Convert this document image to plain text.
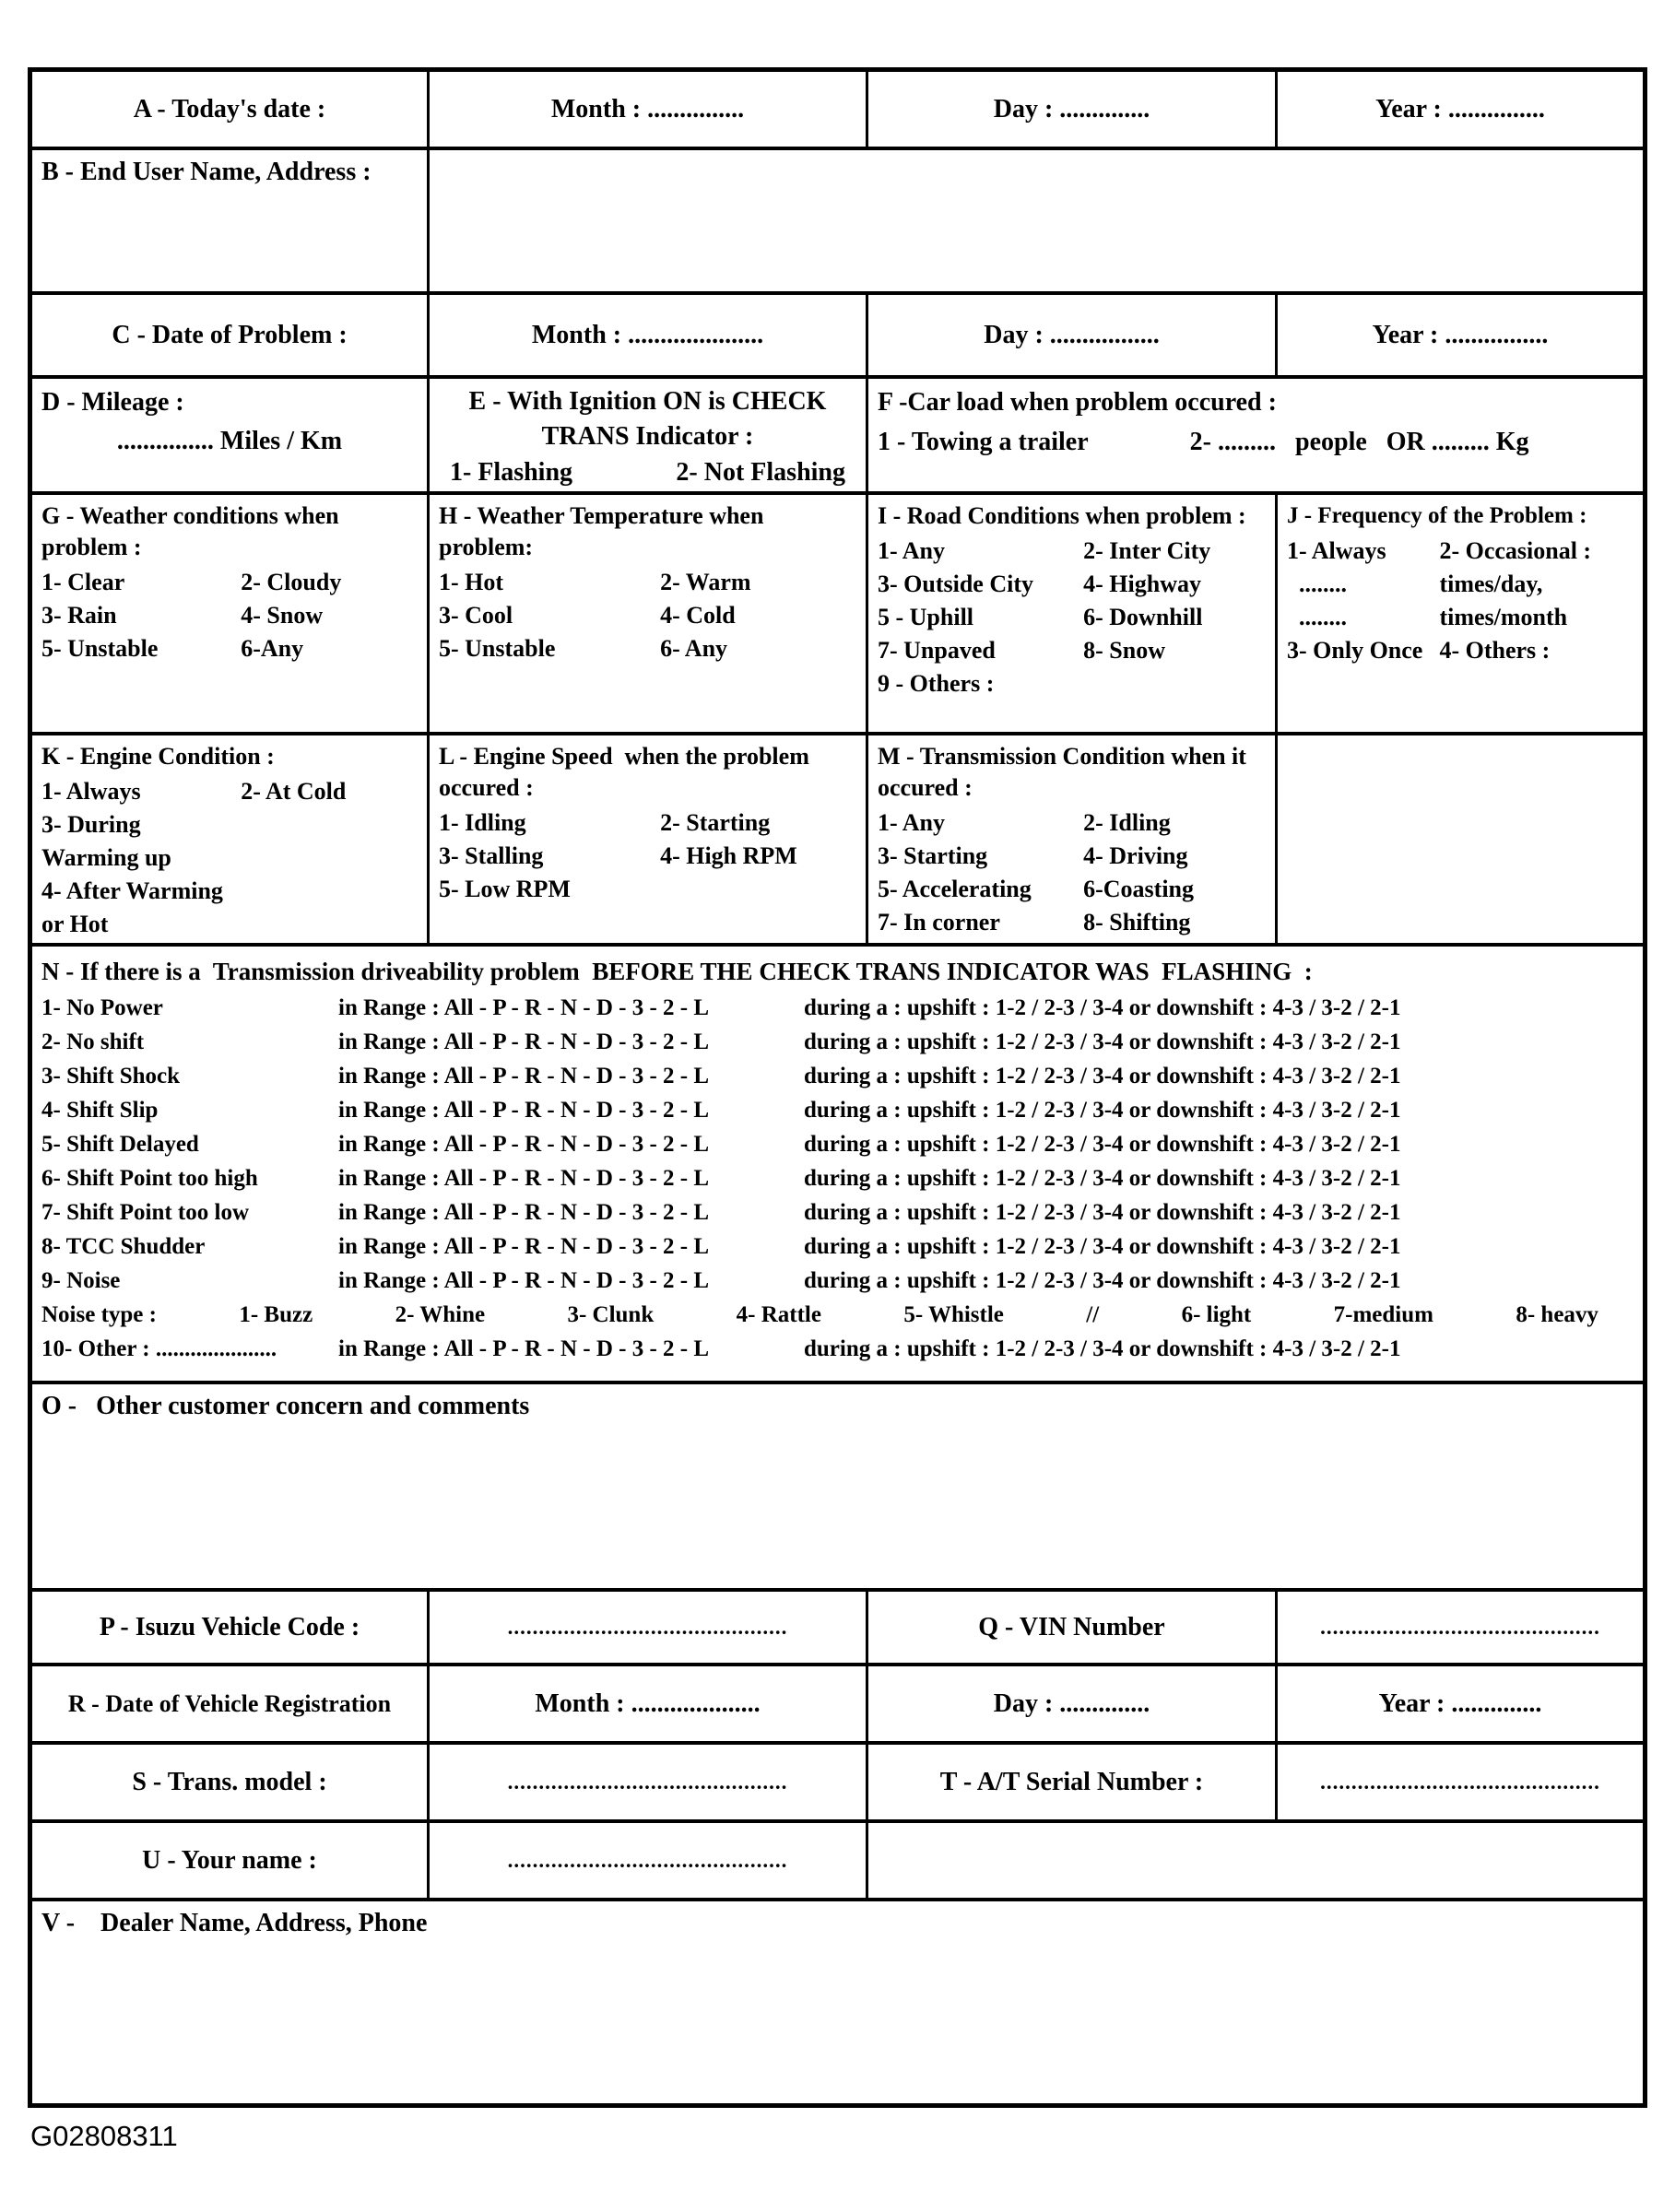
A - Today's date :	Month : ...............	Day : ..............	Year : ...............
B - End User Name, Address :
C - Date of Problem :	Month : .....................	Day : .................	Year : ................
D - Mileage :
............... Miles / Km
E - With Ignition ON is CHECK
TRANS Indicator :
1- Flashing	2- Not Flashing
F -Car load when problem occured :
1 - Towing a trailer	2- .........   people   OR ......... Kg
G - Weather conditions when problem :
1- Clear	2- Cloudy
3- Rain	4- Snow
5- Unstable	6-Any
H - Weather Temperature when problem:
1- Hot	2- Warm
3- Cool	4- Cold
5- Unstable	6- Any
I - Road Conditions when problem :
1- Any	2- Inter City
3- Outside City	4- Highway
5 - Uphill	6- Downhill
7- Unpaved	8- Snow
9 - Others :
J - Frequency of the Problem :
1- Always	2- Occasional :
........	times/day,
........	times/month
3- Only Once 4- Others :
K - Engine Condition :
1- Always	2- At Cold
3- During Warming up
4- After Warming or Hot
L - Engine Speed  when the problem occured :
1- Idling	2- Starting
3- Stalling	4- High RPM
5- Low RPM
M - Transmission Condition when it occured :
1- Any	2- Idling
3- Starting	4- Driving
5- Accelerating	6-Coasting
7- In corner	8- Shifting
N - If there is a  Transmission driveability problem  BEFORE THE CHECK TRANS INDICATOR WAS  FLASHING  :
1- No Power	in Range : All - P - R - N - D - 3 - 2 - L	during a : upshift : 1-2 / 2-3 / 3-4 or downshift : 4-3 / 3-2 / 2-1
2- No shift	in Range : All - P - R - N - D - 3 - 2 - L	during a : upshift : 1-2 / 2-3 / 3-4 or downshift : 4-3 / 3-2 / 2-1
3- Shift Shock	in Range : All - P - R - N - D - 3 - 2 - L	during a : upshift : 1-2 / 2-3 / 3-4 or downshift : 4-3 / 3-2 / 2-1
4- Shift Slip	in Range : All - P - R - N - D - 3 - 2 - L	during a : upshift : 1-2 / 2-3 / 3-4 or downshift : 4-3 / 3-2 / 2-1
5- Shift Delayed	in Range : All - P - R - N - D - 3 - 2 - L	during a : upshift : 1-2 / 2-3 / 3-4 or downshift : 4-3 / 3-2 / 2-1
6- Shift Point too high	in Range : All - P - R - N - D - 3 - 2 - L	during a : upshift : 1-2 / 2-3 / 3-4 or downshift : 4-3 / 3-2 / 2-1
7- Shift Point too low	in Range : All - P - R - N - D - 3 - 2 - L	during a : upshift : 1-2 / 2-3 / 3-4 or downshift : 4-3 / 3-2 / 2-1
8- TCC Shudder	in Range : All - P - R - N - D - 3 - 2 - L	during a : upshift : 1-2 / 2-3 / 3-4 or downshift : 4-3 / 3-2 / 2-1
9- Noise	in Range : All - P - R - N - D - 3 - 2 - L	during a : upshift : 1-2 / 2-3 / 3-4 or downshift : 4-3 / 3-2 / 2-1
Noise type :	1- Buzz	2- Whine	3- Clunk	4- Rattle	5- Whistle	//	6- light	7-medium	8- heavy
10- Other : .....................	in Range : All - P - R - N - D - 3 - 2 - L	during a : upshift : 1-2 / 2-3 / 3-4 or downshift : 4-3 / 3-2 / 2-1
O -   Other customer concern and comments
P - Isuzu Vehicle Code :	.............................................	Q - VIN Number	.............................................
R - Date of Vehicle Registration	Month : ....................	Day : ..............	Year : ..............
S - Trans. model :	.............................................	T - A/T Serial Number :	.............................................
U - Your name :	.............................................
V -    Dealer Name, Address, Phone
G02808311
